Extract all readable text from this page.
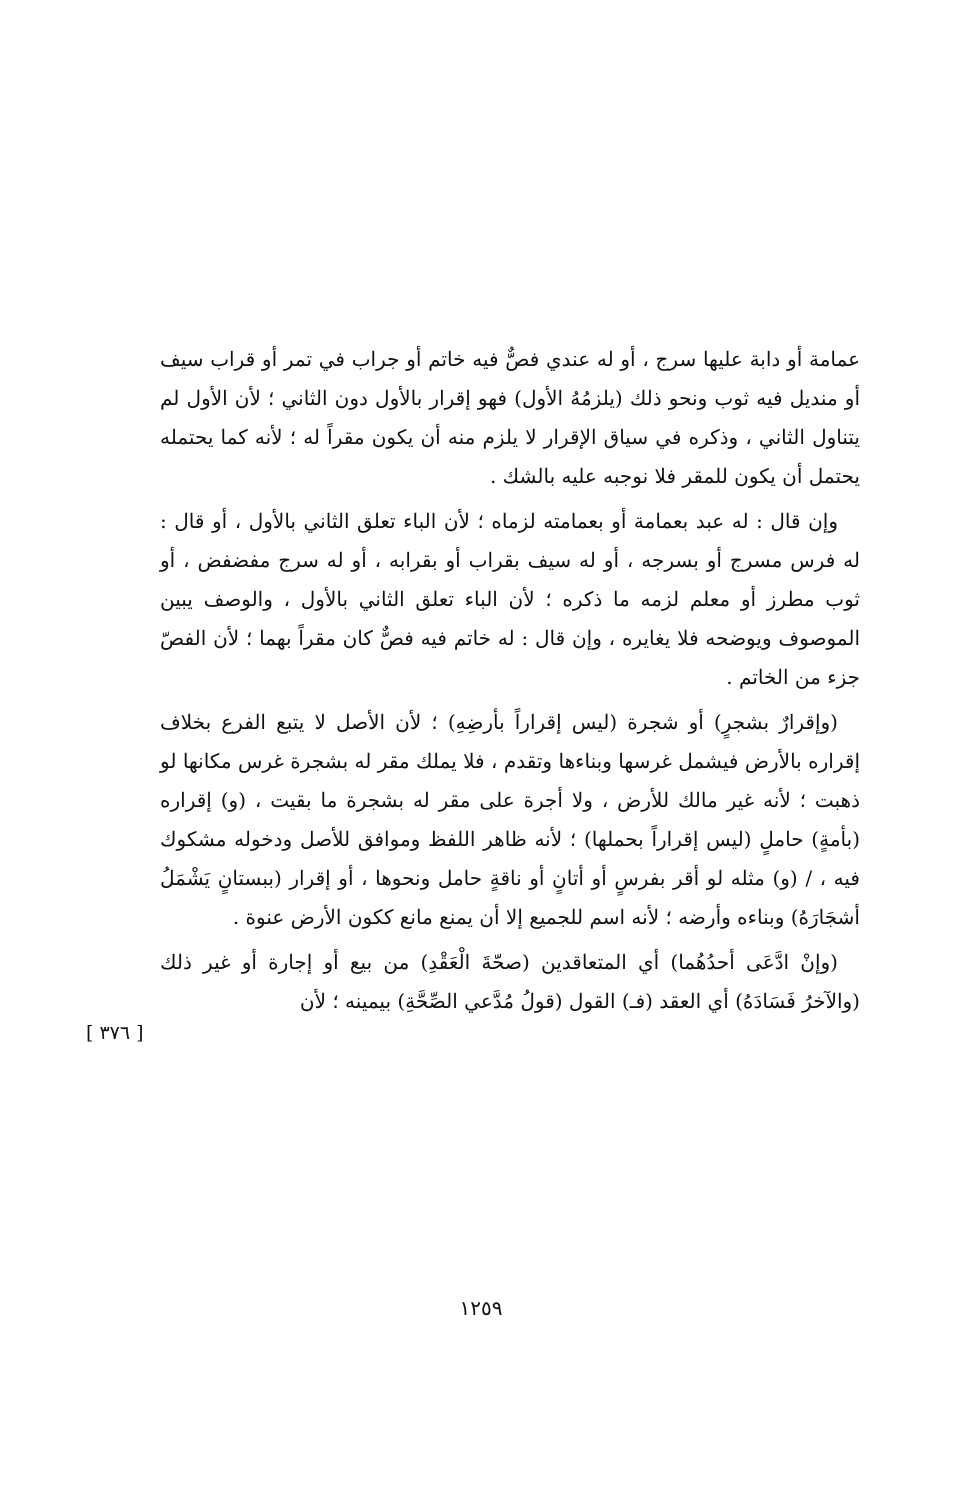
عمامة أو دابة عليها سرج ، أو له عندي فصٌّ فيه خاتم أو جراب في تمر أو قراب سيف أو منديل فيه ثوب ونحو ذلك (يلزمُهُ الأول) فهو إقرار بالأول دون الثاني ؛ لأن الأول لم يتناول الثاني ، وذكره في سياق الإقرار لا يلزم منه أن يكون مقراً له ؛ لأنه كما يحتمله يحتمل أن يكون للمقر فلا نوجبه عليه بالشك .

وإن قال : له عبد بعمامة أو بعمامته لزماه ؛ لأن الباء تعلق الثاني بالأول ، أو قال : له فرس مسرج أو بسرجه ، أو له سيف بقراب أو بقرابه ، أو له سرج مفضفض ، أو ثوب مطرز أو معلم لزمه ما ذكره ؛ لأن الباء تعلق الثاني بالأول ، والوصف يبين الموصوف ويوضحه فلا يغايره ، وإن قال : له خاتم فيه فصٌّ كان مقراً بهما ؛ لأن الفصّ جزء من الخاتم .

(وإقرارٌ بشجرٍ) أو شجرة (ليس إقراراً بأرضِهِ) ؛ لأن الأصل لا يتبع الفرع بخلاف إقراره بالأرض فيشمل غرسها وبناءها وتقدم ، فلا يملك مقر له بشجرة غرس مكانها لو ذهبت ؛ لأنه غير مالك للأرض ، ولا أجرة على مقر له بشجرة ما بقيت ، (و) إقراره (بأمةٍ) حاملٍ (ليس إقراراً بحملها) ؛ لأنه ظاهر اللفظ وموافق للأصل ودخوله مشكوك فيه ، / (و) مثله لو أقر بفرسٍ أو أتانٍ أو ناقةٍ حامل ونحوها ، أو إقرار (ببستانٍ يَشْمَلُ أشجَارَهُ) وبناءه وأرضه ؛ لأنه اسم للجميع إلا أن يمنع مانع ككون الأرض عنوة .

(وإنْ ادَّعَى أحدُهُما) أي المتعاقدين (صحّةَ الْعَقْدِ) من بيع أو إجارة أو غير ذلك (والآخرُ فَسَادَهُ) أي العقد (فـ) القول (قولُ مُدَّعي الصِّحَّةِ) بيمينه ؛ لأن

[ ٣٧٦ ]
١٢٥٩
